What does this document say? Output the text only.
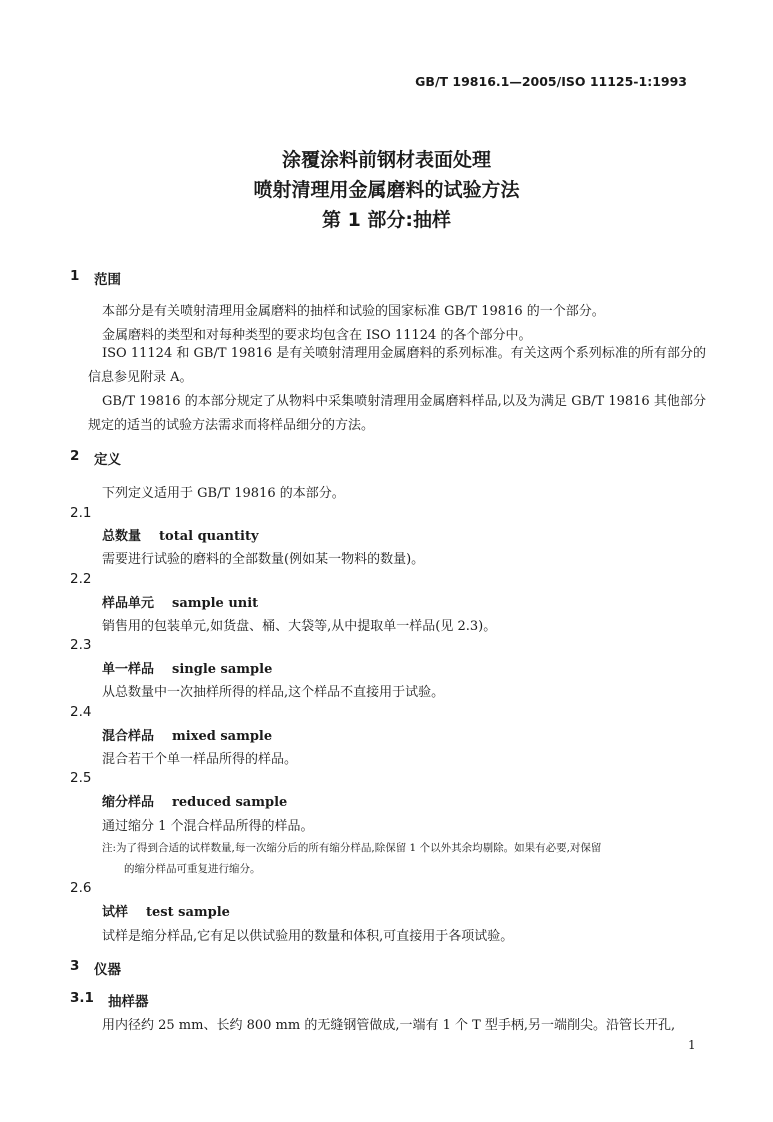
GB/T 19816.1—2005/ISO 11125-1:1993
涂覆涂料前钢材表面处理
喷射清理用金属磨料的试验方法
第 1 部分:抽样
1 范围
本部分是有关喷射清理用金属磨料的抽样和试验的国家标准 GB/T 19816 的一个部分。
金属磨料的类型和对每种类型的要求均包含在 ISO 11124 的各个部分中。
ISO 11124 和 GB/T 19816 是有关喷射清理用金属磨料的系列标准。有关这两个系列标准的所有部分的信息参见附录 A。
GB/T 19816 的本部分规定了从物料中采集喷射清理用金属磨料样品,以及为满足 GB/T 19816 其他部分规定的适当的试验方法需求而将样品细分的方法。
2 定义
下列定义适用于 GB/T 19816 的本部分。
2.1
总数量 total quantity
需要进行试验的磨料的全部数量(例如某一物料的数量)。
2.2
样品单元 sample unit
销售用的包装单元,如货盘、桶、大袋等,从中提取单一样品(见 2.3)。
2.3
单一样品 single sample
从总数量中一次抽样所得的样品,这个样品不直接用于试验。
2.4
混合样品 mixed sample
混合若干个单一样品所得的样品。
2.5
缩分样品 reduced sample
通过缩分 1 个混合样品所得的样品。
注:为了得到合适的试样数量,每一次缩分后的所有缩分样品,除保留 1 个以外其余均剔除。如果有必要,对保留
的缩分样品可重复进行缩分。
2.6
试样 test sample
试样是缩分样品,它有足以供试验用的数量和体积,可直接用于各项试验。
3 仪器
3.1 抽样器
用内径约 25 mm、长约 800 mm 的无缝钢管做成,一端有 1 个 T 型手柄,另一端削尖。沿管长开孔,
1
